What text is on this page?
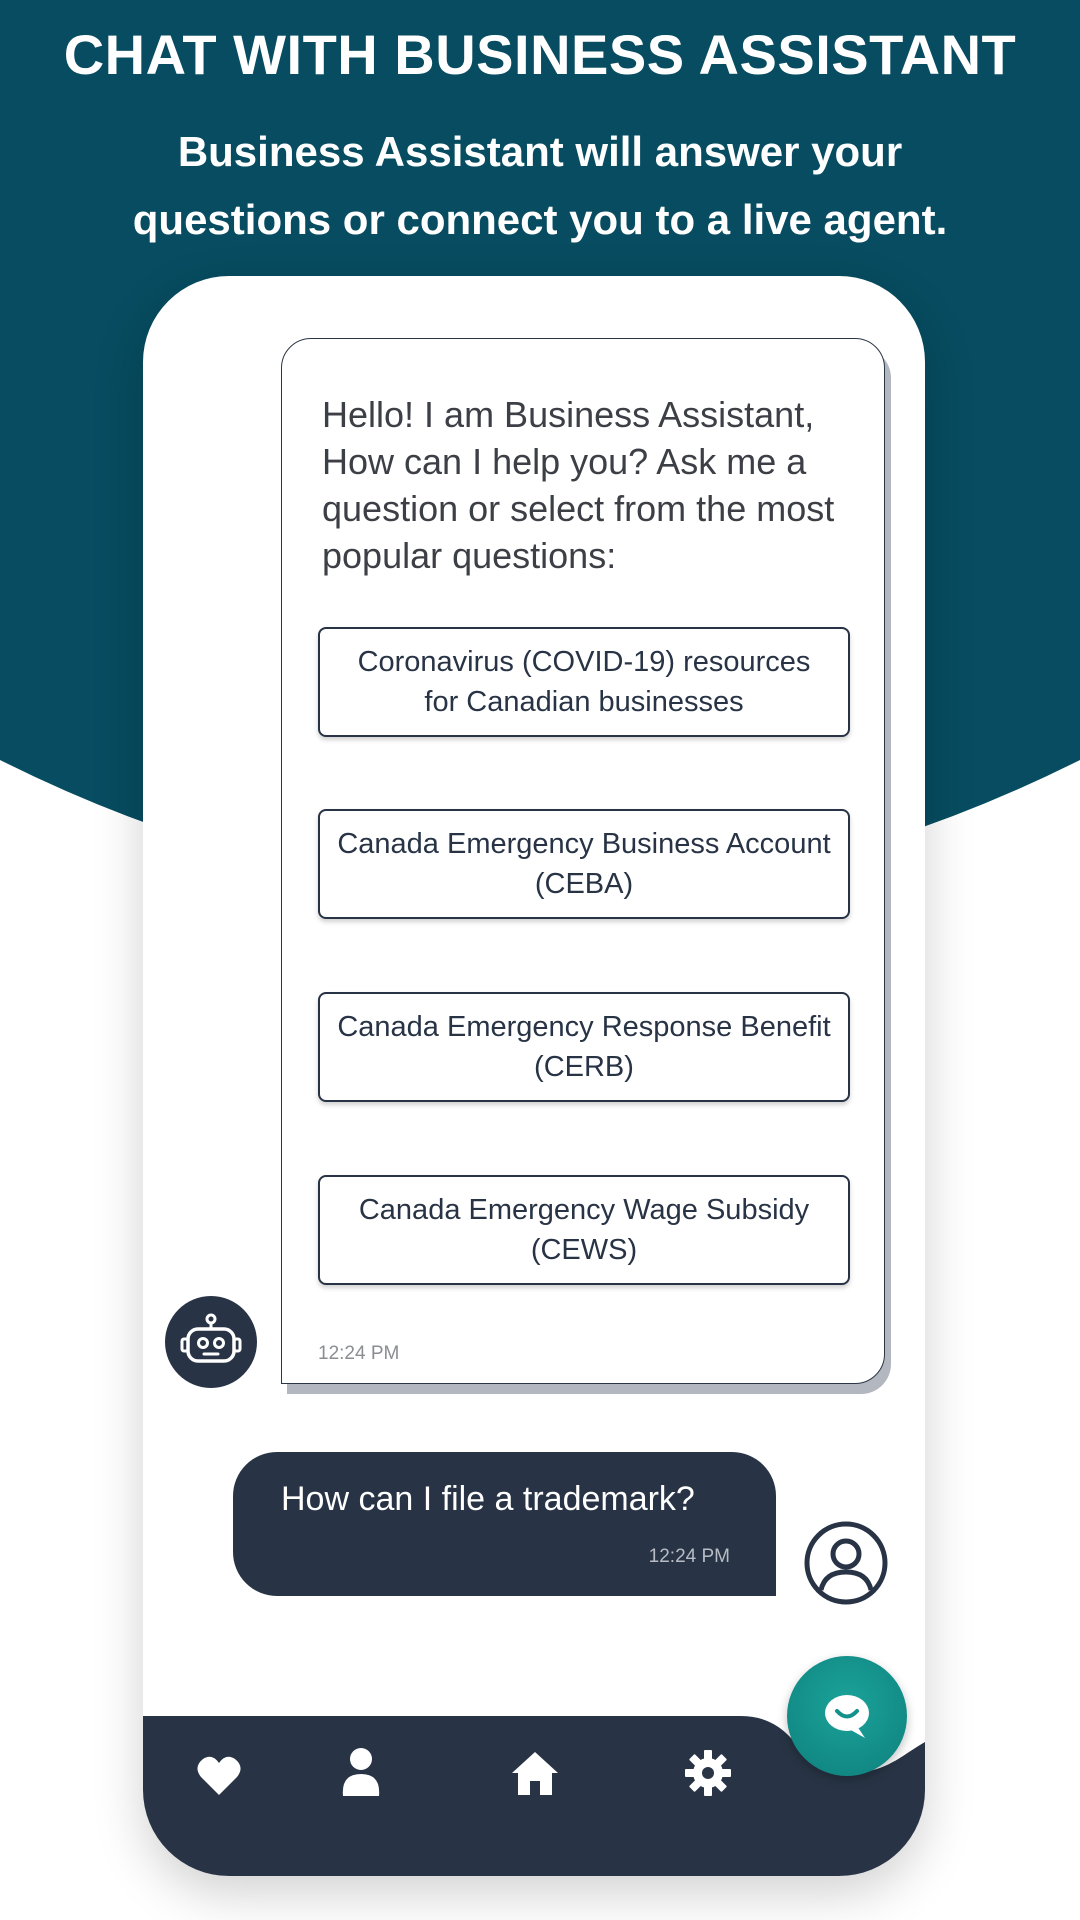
CHAT WITH BUSINESS ASSISTANT
Business Assistant will answer your
questions or connect you to a live agent.
Hello! I am Business Assistant, How can I help you? Ask me a question or select from the most popular questions:
Coronavirus (COVID-19) resources
for Canadian businesses
Canada Emergency Business Account
(CEBA)
Canada Emergency Response Benefit
(CERB)
Canada Emergency Wage Subsidy
(CEWS)
12:24 PM
How can I file a trademark?
12:24 PM
